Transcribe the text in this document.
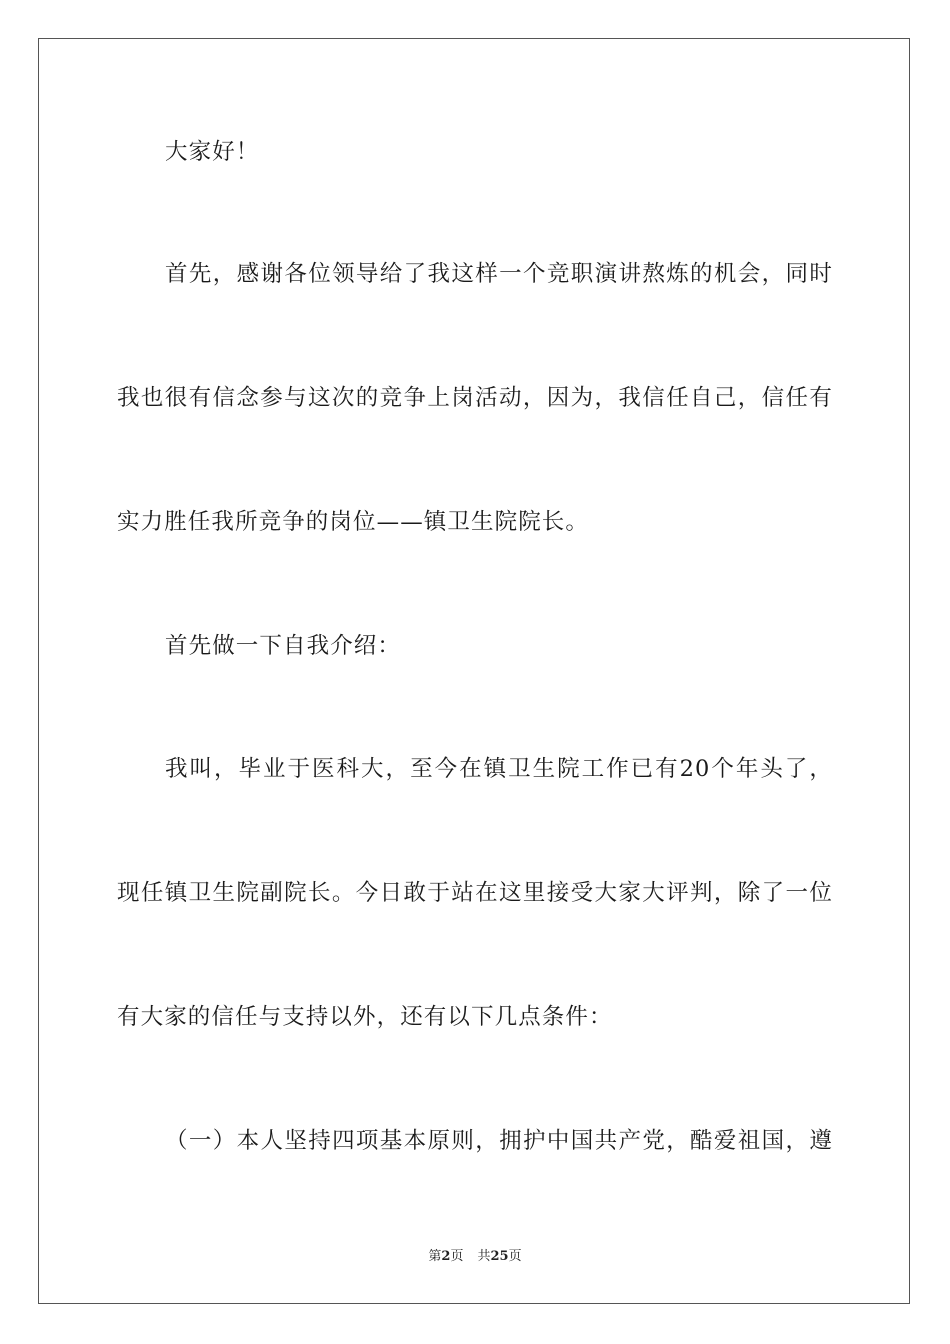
大家好！
首先，感谢各位领导给了我这样一个竞职演讲熬炼的机会，同时
我也很有信念参与这次的竞争上岗活动，因为，我信任自己，信任有
实力胜任我所竞争的岗位——镇卫生院院长。
首先做一下自我介绍：
我叫，毕业于医科大，至今在镇卫生院工作已有20个年头了，
现任镇卫生院副院长。今日敢于站在这里接受大家大评判，除了一位
有大家的信任与支持以外，还有以下几点条件：
（一）本人坚持四项基本原则，拥护中国共产党，酷爱祖国，遵
第2页 共25页
